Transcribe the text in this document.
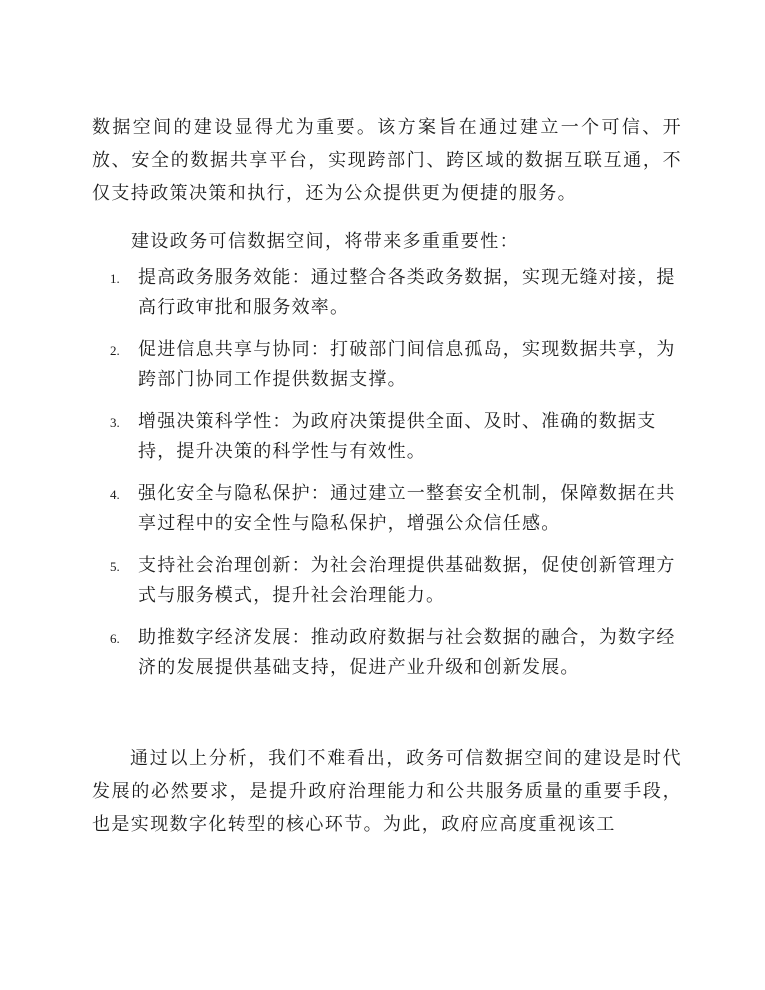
数据空间的建设显得尤为重要。该方案旨在通过建立一个可信、开放、安全的数据共享平台，实现跨部门、跨区域的数据互联互通，不仅支持政策决策和执行，还为公众提供更为便捷的服务。

建设政务可信数据空间，将带来多重重要性：

1. 提高政务服务效能：通过整合各类政务数据，实现无缝对接，提高行政审批和服务效率。
2. 促进信息共享与协同：打破部门间信息孤岛，实现数据共享，为跨部门协同工作提供数据支撑。
3. 增强决策科学性：为政府决策提供全面、及时、准确的数据支持，提升决策的科学性与有效性。
4. 强化安全与隐私保护：通过建立一整套安全机制，保障数据在共享过程中的安全性与隐私保护，增强公众信任感。
5. 支持社会治理创新：为社会治理提供基础数据，促使创新管理方式与服务模式，提升社会治理能力。
6. 助推数字经济发展：推动政府数据与社会数据的融合，为数字经济的发展提供基础支持，促进产业升级和创新发展。

通过以上分析，我们不难看出，政务可信数据空间的建设是时代发展的必然要求，是提升政府治理能力和公共服务质量的重要手段，也是实现数字化转型的核心环节。为此，政府应高度重视该工
